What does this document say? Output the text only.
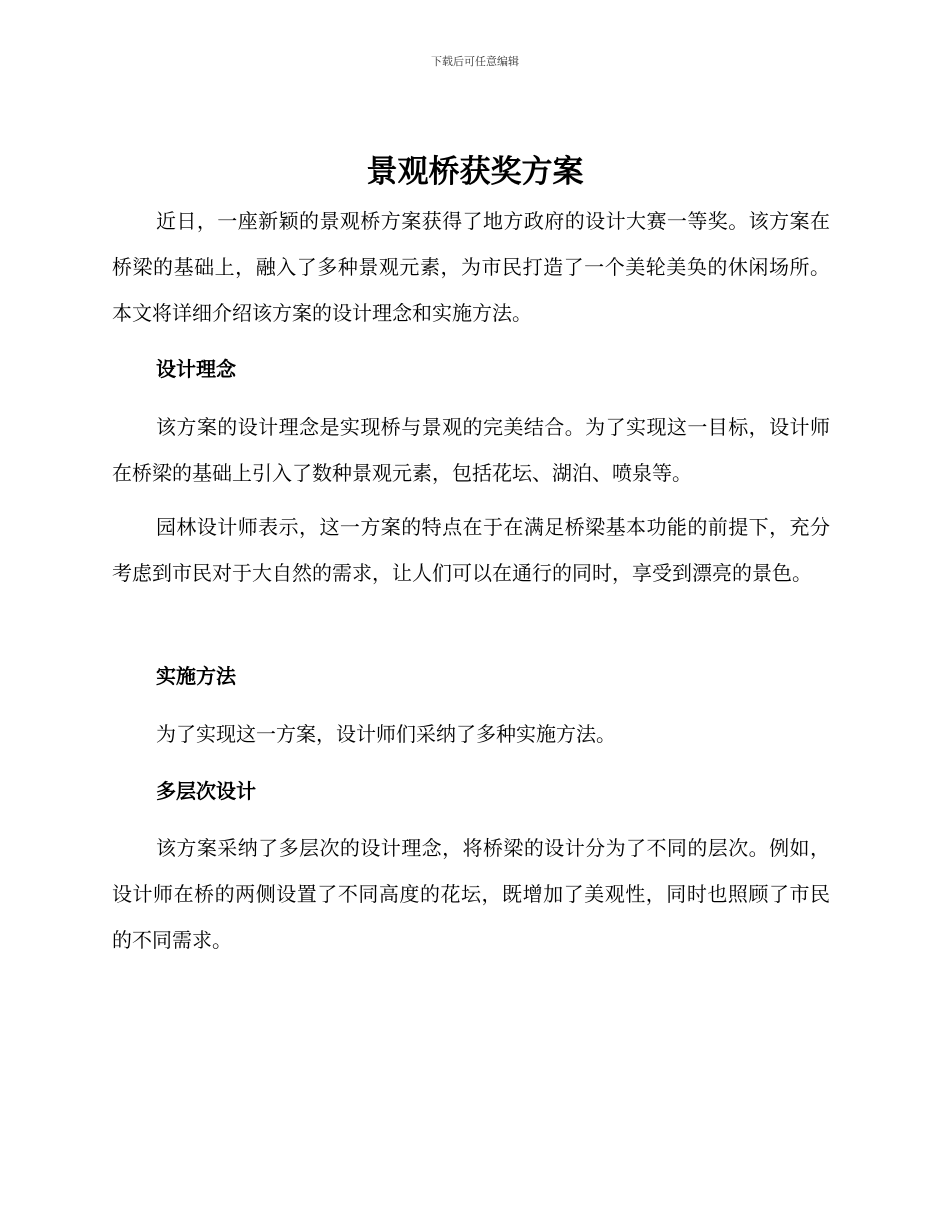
下载后可任意编辑
景观桥获奖方案
近日，一座新颖的景观桥方案获得了地方政府的设计大赛一等奖。该方案在桥梁的基础上，融入了多种景观元素，为市民打造了一个美轮美奂的休闲场所。本文将详细介绍该方案的设计理念和实施方法。
设计理念
该方案的设计理念是实现桥与景观的完美结合。为了实现这一目标，设计师在桥梁的基础上引入了数种景观元素，包括花坛、湖泊、喷泉等。
园林设计师表示，这一方案的特点在于在满足桥梁基本功能的前提下，充分考虑到市民对于大自然的需求，让人们可以在通行的同时，享受到漂亮的景色。
实施方法
为了实现这一方案，设计师们采纳了多种实施方法。
多层次设计
该方案采纳了多层次的设计理念，将桥梁的设计分为了不同的层次。例如，设计师在桥的两侧设置了不同高度的花坛，既增加了美观性，同时也照顾了市民的不同需求。
